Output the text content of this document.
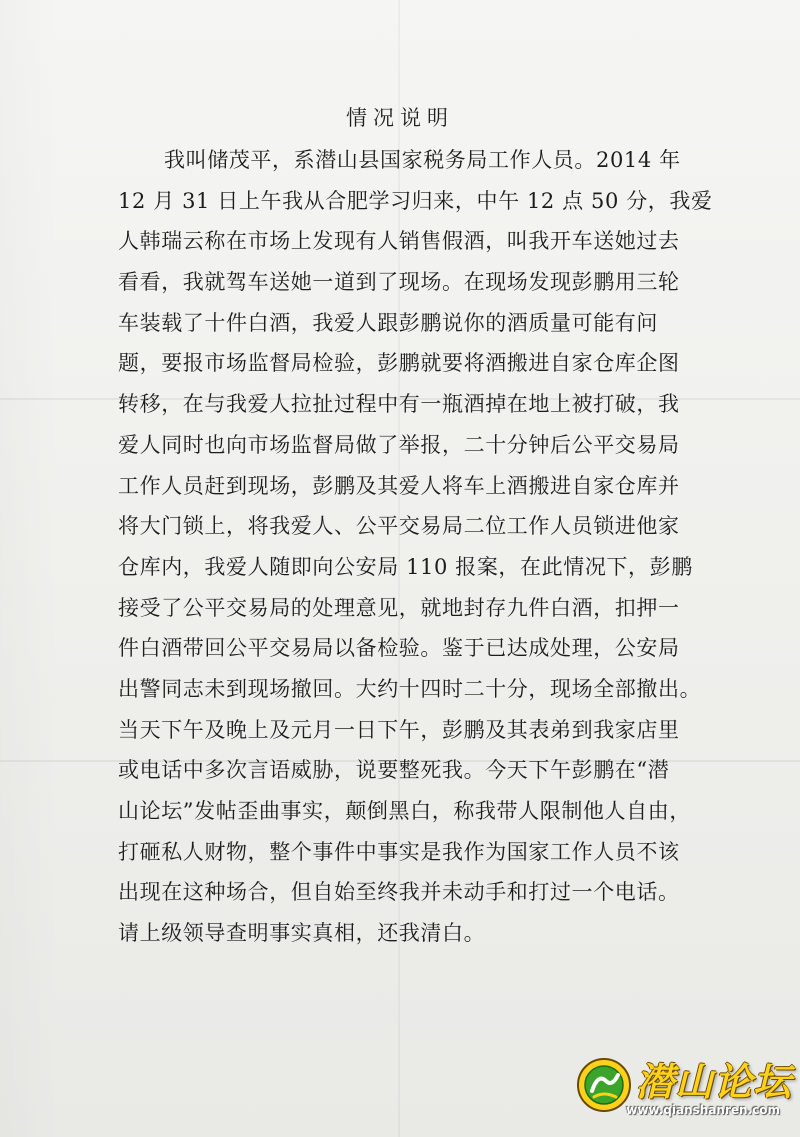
情况说明
我叫储茂平，系潜山县国家税务局工作人员。2014 年
12 月 31 日上午我从合肥学习归来，中午 12 点 50 分，我爱
人韩瑞云称在市场上发现有人销售假酒，叫我开车送她过去
看看，我就驾车送她一道到了现场。在现场发现彭鹏用三轮
车装载了十件白酒，我爱人跟彭鹏说你的酒质量可能有问
题，要报市场监督局检验，彭鹏就要将酒搬进自家仓库企图
转移，在与我爱人拉扯过程中有一瓶酒掉在地上被打破，我
爱人同时也向市场监督局做了举报，二十分钟后公平交易局
工作人员赶到现场，彭鹏及其爱人将车上酒搬进自家仓库并
将大门锁上，将我爱人、公平交易局二位工作人员锁进他家
仓库内，我爱人随即向公安局 110 报案，在此情况下，彭鹏
接受了公平交易局的处理意见，就地封存九件白酒，扣押一
件白酒带回公平交易局以备检验。鉴于已达成处理，公安局
出警同志未到现场撤回。大约十四时二十分，现场全部撤出。
当天下午及晚上及元月一日下午，彭鹏及其表弟到我家店里
或电话中多次言语威胁，说要整死我。今天下午彭鹏在“潜
山论坛”发帖歪曲事实，颠倒黑白，称我带人限制他人自由，
打砸私人财物，整个事件中事实是我作为国家工作人员不该
出现在这种场合，但自始至终我并未动手和打过一个电话。
请上级领导查明事实真相，还我清白。
潜山论坛
www.qianshanren.com
